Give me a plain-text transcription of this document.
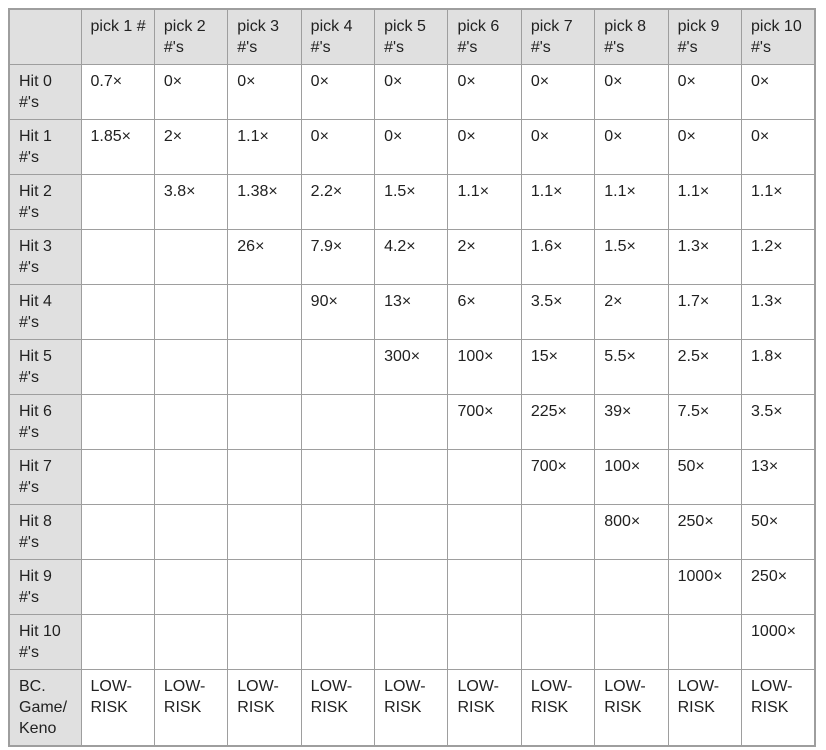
	pick 1 #	pick 2 #'s	pick 3 #'s	pick 4 #'s	pick 5 #'s	pick 6 #'s	pick 7 #'s	pick 8 #'s	pick 9 #'s	pick 10 #'s
Hit 0 #'s	0.7×	0×	0×	0×	0×	0×	0×	0×	0×	0×
Hit 1 #'s	1.85×	2×	1.1×	0×	0×	0×	0×	0×	0×	0×
Hit 2 #'s		3.8×	1.38×	2.2×	1.5×	1.1×	1.1×	1.1×	1.1×	1.1×
Hit 3 #'s			26×	7.9×	4.2×	2×	1.6×	1.5×	1.3×	1.2×
Hit 4 #'s				90×	13×	6×	3.5×	2×	1.7×	1.3×
Hit 5 #'s					300×	100×	15×	5.5×	2.5×	1.8×
Hit 6 #'s						700×	225×	39×	7.5×	3.5×
Hit 7 #'s							700×	100×	50×	13×
Hit 8 #'s								800×	250×	50×
Hit 9 #'s									1000×	250×
Hit 10 #'s										1000×
BC. Game/ Keno	LOW-RISK	LOW-RISK	LOW-RISK	LOW-RISK	LOW-RISK	LOW-RISK	LOW-RISK	LOW-RISK	LOW-RISK	LOW-RISK
